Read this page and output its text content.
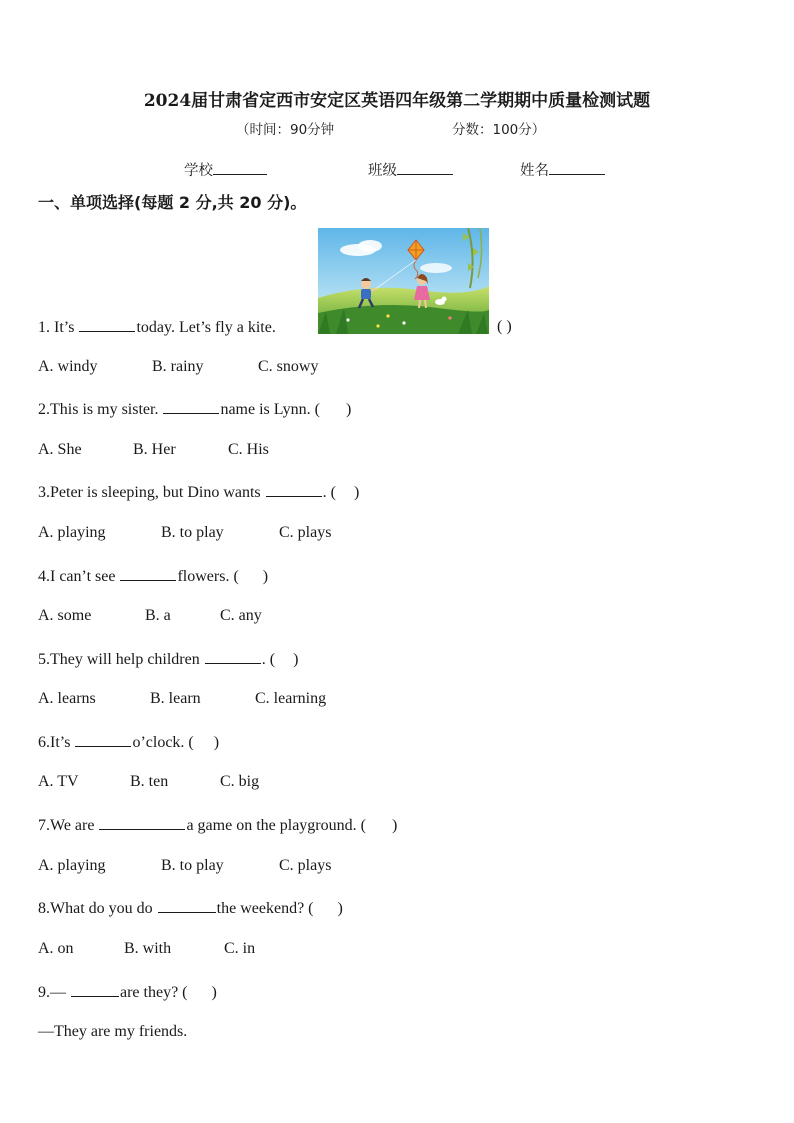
2024届甘肃省定西市安定区英语四年级第二学期期中质量检测试题
（时间：90分钟	分数：100分）
学校	班级	姓名
一、单项选择(每题 2 分,共 20 分)。
1. It’s	today. Let’s fly a kite.	( )
A. windy	B. rainy	C. snowy
2.This is my sister.	name is Lynn. ( )
A. She	B. Her	C. His
3.Peter is sleeping, but Dino wants	. ( )
A. playing	B. to play	C. plays
4.I can’t see	flowers. ( )
A. some	B. a	C. any
5.They will help children	. ( )
A. learns	B. learn	C. learning
6.It’s	o’clock. ( )
A. TV	B. ten	C. big
7.We are	a game on the playground. ( )
A. playing	B. to play	C. plays
8.What do you do	the weekend? ( )
A. on	B. with	C. in
9.—	are they? ( )
—They are my friends.
